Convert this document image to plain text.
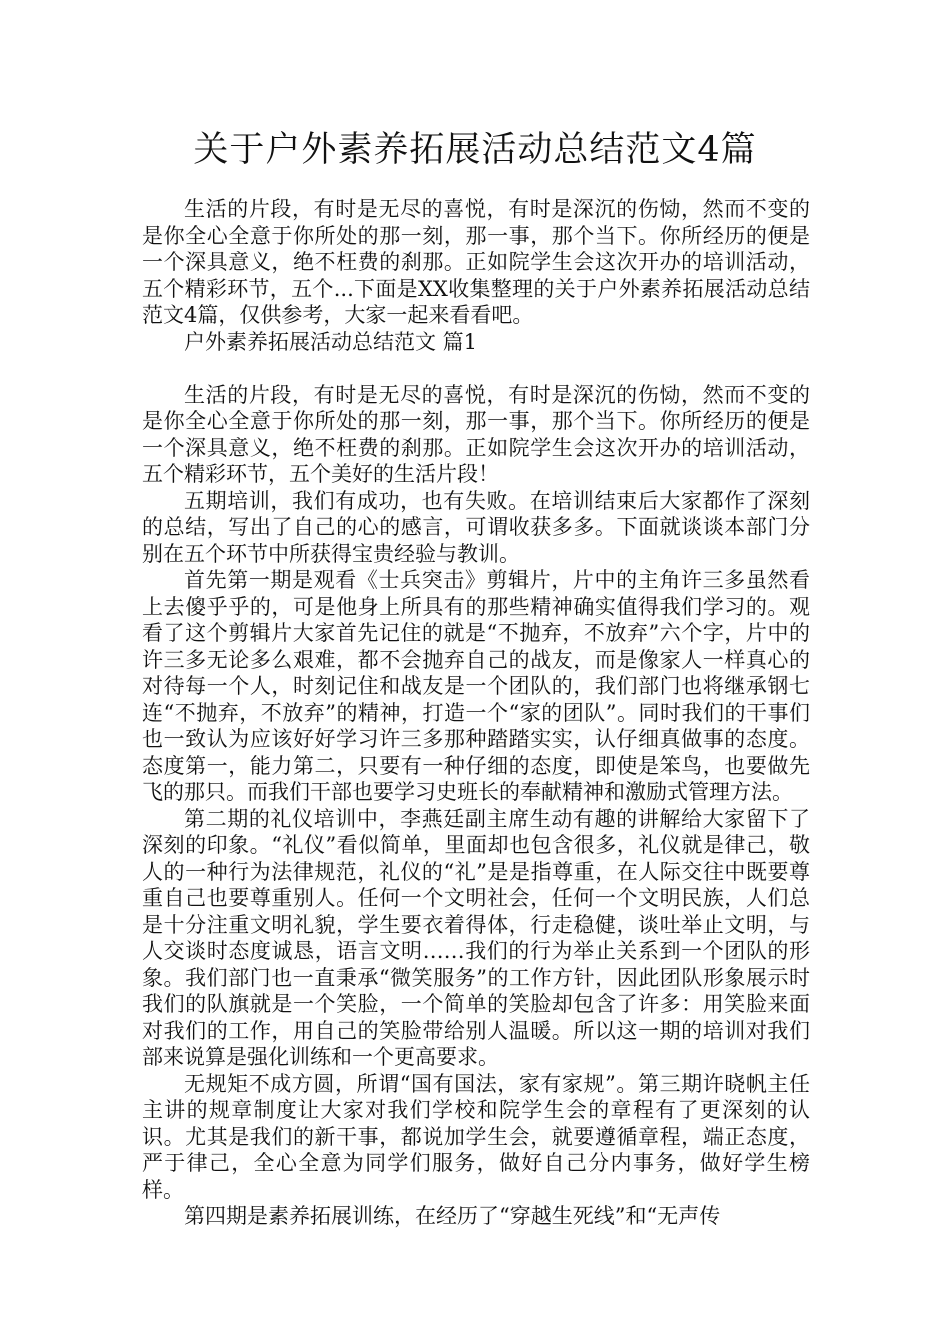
关于户外素养拓展活动总结范文4篇

生活的片段，有时是无尽的喜悦，有时是深沉的伤恸，然而不变的是你全心全意于你所处的那一刻，那一事，那个当下。你所经历的便是一个深具意义，绝不枉费的刹那。正如院学生会这次开办的培训活动，五个精彩环节，五个...下面是XX收集整理的关于户外素养拓展活动总结范文4篇，仅供参考，大家一起来看看吧。

户外素养拓展活动总结范文 篇1

生活的片段，有时是无尽的喜悦，有时是深沉的伤恸，然而不变的是你全心全意于你所处的那一刻，那一事，那个当下。你所经历的便是一个深具意义，绝不枉费的刹那。正如院学生会这次开办的培训活动，五个精彩环节，五个美好的生活片段！

五期培训，我们有成功，也有失败。在培训结束后大家都作了深刻的总结，写出了自己的心的感言，可谓收获多多。下面就谈谈本部门分别在五个环节中所获得宝贵经验与教训。

首先第一期是观看《士兵突击》剪辑片，片中的主角许三多虽然看上去傻乎乎的，可是他身上所具有的那些精神确实值得我们学习的。观看了这个剪辑片大家首先记住的就是“不抛弃，不放弃”六个字，片中的许三多无论多么艰难，都不会抛弃自己的战友，而是像家人一样真心的对待每一个人，时刻记住和战友是一个团队的，我们部门也将继承钢七连“不抛弃，不放弃”的精神，打造一个“家的团队”。同时我们的干事们也一致认为应该好好学习许三多那种踏踏实实，认仔细真做事的态度。态度第一，能力第二，只要有一种仔细的态度，即使是笨鸟，也要做先飞的那只。而我们干部也要学习史班长的奉献精神和激励式管理方法。

第二期的礼仪培训中，李燕廷副主席生动有趣的讲解给大家留下了深刻的印象。“礼仪”看似简单，里面却也包含很多，礼仪就是律己，敬人的一种行为法律规范，礼仪的“礼”是是指尊重，在人际交往中既要尊重自己也要尊重别人。任何一个文明社会，任何一个文明民族，人们总是十分注重文明礼貌，学生要衣着得体，行走稳健，谈吐举止文明，与人交谈时态度诚恳，语言文明……我们的行为举止关系到一个团队的形象。我们部门也一直秉承“微笑服务”的工作方针，因此团队形象展示时我们的队旗就是一个笑脸，一个简单的笑脸却包含了许多：用笑脸来面对我们的工作，用自己的笑脸带给别人温暖。所以这一期的培训对我们部来说算是强化训练和一个更高要求。

无规矩不成方圆，所谓“国有国法，家有家规”。第三期许晓帆主任主讲的规章制度让大家对我们学校和院学生会的章程有了更深刻的认识。尤其是我们的新干事，都说加学生会，就要遵循章程，端正态度，严于律己，全心全意为同学们服务，做好自己分内事务，做好学生榜样。

第四期是素养拓展训练，在经历了“穿越生死线”和“无声传
